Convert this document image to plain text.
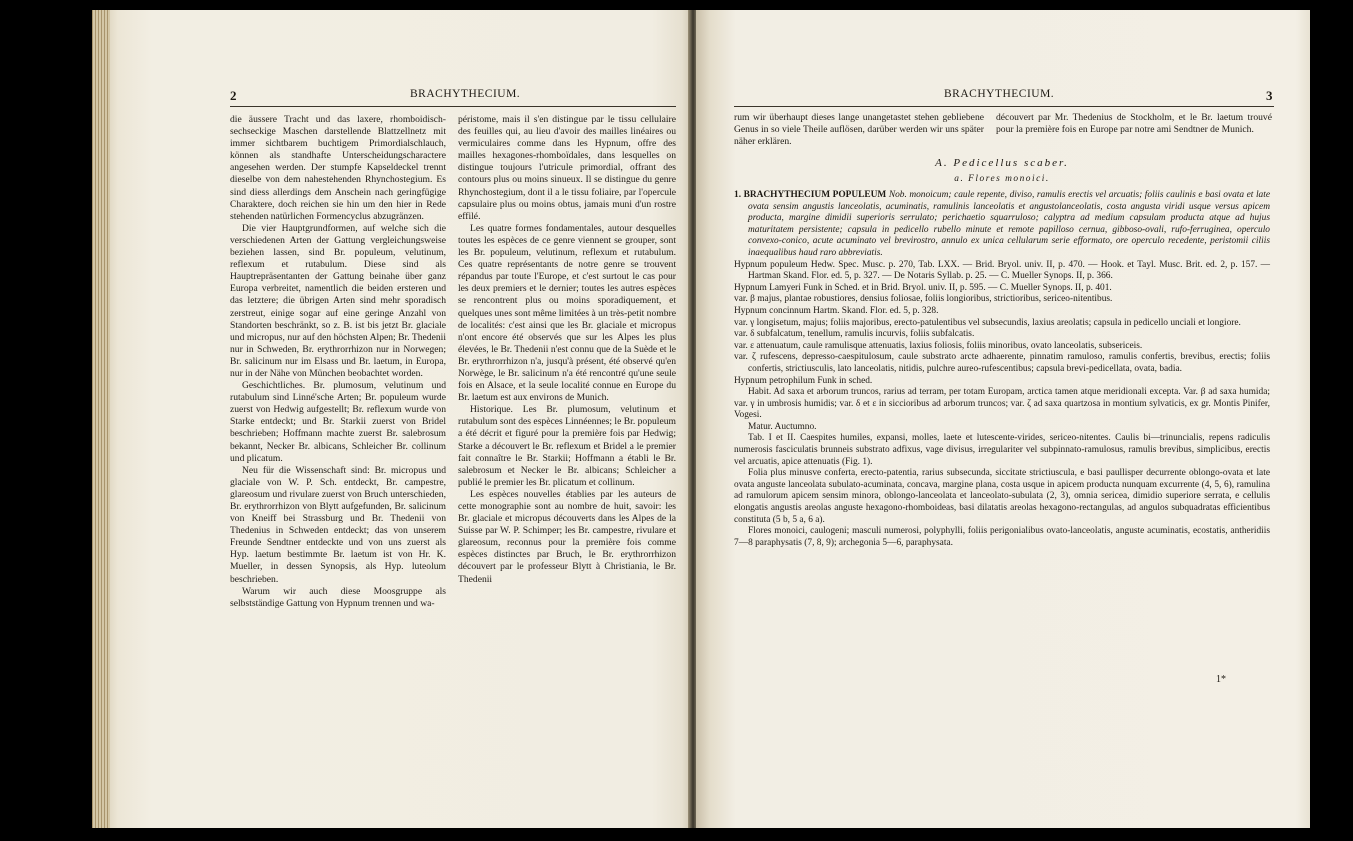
2	BRACHYTHECIUM.

die äussere Tracht und das laxere, rhomboidisch-sechseckige Maschen darstellende Blattzellnetz mit immer sichtbarem buchtigem Primordialschlauch, können als standhafte Unterscheidungscharactere angesehen werden. Der stumpfe Kapseldeckel trennt dieselbe von dem nahestehenden Rhynchostegium. Es sind diess allerdings dem Anschein nach geringfügige Charaktere, doch reichen sie hin um den hier in Rede stehenden natürlichen Formencyclus abzugränzen.

Die vier Hauptgrundformen, auf welche sich die verschiedenen Arten der Gattung vergleichungsweise beziehen lassen, sind Br. populeum, velutinum, reflexum et rutabulum. Diese sind als Hauptrepräsentanten der Gattung beinahe über ganz Europa verbreitet, namentlich die beiden ersteren und das letztere; die übrigen Arten sind mehr sporadisch zerstreut, einige sogar auf eine geringe Anzahl von Standorten beschränkt, so z. B. ist bis jetzt Br. glaciale und micropus, nur auf den höchsten Alpen; Br. Thedenii nur in Schweden, Br. erythrorrhizon nur in Norwegen; Br. salicinum nur im Elsass und Br. laetum, in Europa, nur in der Nähe von München beobachtet worden.

Geschichtliches. Br. plumosum, velutinum und rutabulum sind Linné'sche Arten; Br. populeum wurde zuerst von Hedwig aufgestellt; Br. reflexum wurde von Starke entdeckt; und Br. Starkii zuerst von Bridel beschrieben; Hoffmann machte zuerst Br. salebrosum bekannt, Necker Br. albicans, Schleicher Br. collinum und plicatum.

Neu für die Wissenschaft sind: Br. micropus und glaciale von W. P. Sch. entdeckt, Br. campestre, glareosum und rivulare zuerst von Bruch unterschieden, Br. erythrorrhizon von Blytt aufgefunden, Br. salicinum von Kneiff bei Strassburg und Br. Thedenii von Thedenius in Schweden entdeckt; das von unserem Freunde Sendtner entdeckte und von uns zuerst als Hyp. laetum bestimmte Br. laetum ist von Hr. K. Mueller, in dessen Synopsis, als Hyp. luteolum beschrieben.

Warum wir auch diese Moosgruppe als selbstständige Gattung von Hypnum trennen und wa-

péristome, mais il s'en distingue par le tissu cellulaire des feuilles qui, au lieu d'avoir des mailles linéaires ou vermiculaires comme dans les Hypnum, offre des mailles hexagones-rhomboïdales, dans lesquelles on distingue toujours l'utricule primordial, offrant des contours plus ou moins sinueux. Il se distingue du genre Rhynchostegium, dont il a le tissu foliaire, par l'opercule capsulaire plus ou moins obtus, jamais muni d'un rostre effilé.

Les quatre formes fondamentales, autour desquelles toutes les espèces de ce genre viennent se grouper, sont les Br. populeum, velutinum, reflexum et rutabulum. Ces quatre représentants de notre genre se trouvent répandus par toute l'Europe, et c'est surtout le cas pour les deux premiers et le dernier; toutes les autres espèces se rencontrent plus ou moins sporadiquement, et quelques unes sont même limitées à un très-petit nombre de localités: c'est ainsi que les Br. glaciale et micropus n'ont encore été observés que sur les Alpes les plus élevées, le Br. Thedenii n'est connu que de la Suède et le Br. erythrorrhizon n'a, jusqu'à présent, été observé qu'en Norwège, le Br. salicinum n'a été rencontré qu'une seule fois en Alsace, et la seule localité connue en Europe du Br. laetum est aux environs de Munich.

Historique. Les Br. plumosum, velutinum et rutabulum sont des espèces Linnéennes; le Br. populeum a été décrit et figuré pour la première fois par Hedwig; Starke a découvert le Br. reflexum et Bridel a le premier fait connaître le Br. Starkii; Hoffmann a établi le Br. salebrosum et Necker le Br. albicans; Schleicher a publié le premier les Br. plicatum et collinum.

Les espèces nouvelles établies par les auteurs de cette monographie sont au nombre de huit, savoir: les Br. glaciale et micropus découverts dans les Alpes de la Suisse par W. P. Schimper; les Br. campestre, rivulare et glareosum, reconnus pour la première fois comme espèces distinctes par Bruch, le Br. erythrorrhizon découvert par le professeur Blytt à Christiania, le Br. Thedenii

BRACHYTHECIUM.	3

rum wir überhaupt dieses lange unangetastet stehen gebliebene Genus in so viele Theile auflösen, darüber werden wir uns später näher erklären.

découvert par Mr. Thedenius de Stockholm, et le Br. laetum trouvé pour la première fois en Europe par notre ami Sendtner de Munich.

A. Pedicellus scaber.

a. Flores monoici.

1. BRACHYTHECIUM POPULEUM Nob. monoicum; caule repente, diviso, ramulis erectis vel arcuatis; foliis caulinis e basi ovata et late ovata sensim angustis lanceolatis, acuminatis, ramulinis lanceolatis et angustolanceolatis, costa angusta viridi usque versus apicem producta, margine dimidii superioris serrulato; perichaetio squarruloso; calyptra ad medium capsulam producta atque ad hujus maturitatem persistente; capsula in pedicello rubello minute et remote papilloso cernua, gibboso-ovali, rufo-ferruginea, operculo convexo-conico, acute acuminato vel brevirostro, annulo ex unica cellularum serie efformato, ore operculo recedente, peristomii ciliis inaequalibus haud raro abbreviatis.

Hypnum populeum Hedw. Spec. Musc. p. 270, Tab. LXX. — Brid. Bryol. univ. II, p. 470. — Hook. et Tayl. Musc. Brit. ed. 2, p. 157. — Hartman Skand. Flor. ed. 5, p. 327. — De Notaris Syllab. p. 25. — C. Mueller Synops. II, p. 366.

Hypnum Lamyeri Funk in Sched. et in Brid. Bryol. univ. II, p. 595. — C. Mueller Synops. II, p. 401.

var. β majus, plantae robustiores, densius foliosae, foliis longioribus, strictioribus, sericeo-nitentibus.

Hypnum concinnum Hartm. Skand. Flor. ed. 5, p. 328.

var. γ longisetum, majus; foliis majoribus, erecto-patulentibus vel subsecundis, laxius areolatis; capsula in pedicello unciali et longiore.

var. δ subfalcatum, tenellum, ramulis incurvis, foliis subfalcatis.

var. ε attenuatum, caule ramulisque attenuatis, laxius foliosis, foliis minoribus, ovato lanceolatis, subsericeis.

var. ζ rufescens, depresso-caespitulosum, caule substrato arcte adhaerente, pinnatim ramuloso, ramulis confertis, brevibus, erectis; foliis confertis, strictiusculis, lato lanceolatis, nitidis, pulchre aureo-rufescentibus; capsula brevi-pedicellata, ovata, badia.

Hypnum petrophilum Funk in sched.

Habit. Ad saxa et arborum truncos, rarius ad terram, per totam Europam, arctica tamen atque meridionali excepta. Var. β ad saxa humida; var. γ in umbrosis humidis; var. δ et ε in siccioribus ad arborum truncos; var. ζ ad saxa quartzosa in montium sylvaticis, ex gr. Montis Pinifer, Vogesi.

Matur. Auctumno.

Tab. I et II. Caespites humiles, expansi, molles, laete et lutescente-virides, sericeo-nitentes. Caulis bi—trinuncialis, repens radiculis numerosis fasciculatis brunneis substrato adfixus, vage divisus, irregulariter vel subpinnato-ramulosus, ramulis brevibus, simplicibus, erectis vel arcuatis, apice attenuatis (Fig. 1).

Folia plus minusve conferta, erecto-patentia, rarius subsecunda, siccitate strictiuscula, e basi paullisper decurrente oblongo-ovata et late ovata anguste lanceolata subulato-acuminata, concava, margine plana, costa usque in apicem producta nunquam excurrente (4, 5, 6), ramulina ad ramulorum apicem sensim minora, oblongo-lanceolata et lanceolato-subulata (2, 3), omnia sericea, dimidio superiore serrata, e cellulis elongatis angustis areolas anguste hexagono-rhomboideas, basi dilatatis areolas hexagono-rectangulas, ad angulos subquadratas efficientibus constituta (5 b, 5 a, 6 a).

Flores monoici, caulogeni; masculi numerosi, polyphylli, foliis perigonialibus ovato-lanceolatis, anguste acuminatis, ecostatis, antheridiis 7—8 paraphysatis (7, 8, 9); archegonia 5—6, paraphysata.

1*
